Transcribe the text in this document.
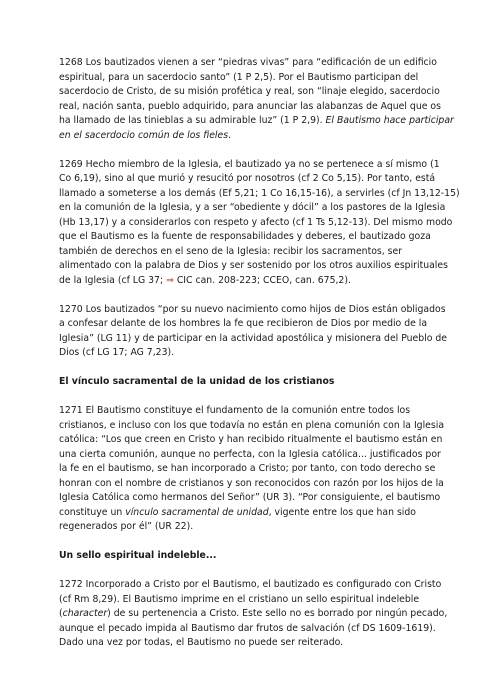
1268 Los bautizados vienen a ser “piedras vivas” para “edificación de un edificio
espiritual, para un sacerdocio santo” (1 P 2,5). Por el Bautismo participan del
sacerdocio de Cristo, de su misión profética y real, son “linaje elegido, sacerdocio
real, nación santa, pueblo adquirido, para anunciar las alabanzas de Aquel que os
ha llamado de las tinieblas a su admirable luz” (1 P 2,9). El Bautismo hace participar
en el sacerdocio común de los fieles.

1269 Hecho miembro de la Iglesia, el bautizado ya no se pertenece a sí mismo (1
Co 6,19), sino al que murió y resucitó por nosotros (cf 2 Co 5,15). Por tanto, está
llamado a someterse a los demás (Ef 5,21; 1 Co 16,15-16), a servirles (cf Jn 13,12-15)
en la comunión de la Iglesia, y a ser “obediente y dócil” a los pastores de la Iglesia
(Hb 13,17) y a considerarlos con respeto y afecto (cf 1 Ts 5,12-13). Del mismo modo
que el Bautismo es la fuente de responsabilidades y deberes, el bautizado goza
también de derechos en el seno de la Iglesia: recibir los sacramentos, ser
alimentado con la palabra de Dios y ser sostenido por los otros auxilios espirituales
de la Iglesia (cf LG 37; ⇒ CIC can. 208-223; CCEO, can. 675,2).

1270 Los bautizados “por su nuevo nacimiento como hijos de Dios están obligados
a confesar delante de los hombres la fe que recibieron de Dios por medio de la
Iglesia” (LG 11) y de participar en la actividad apostólica y misionera del Pueblo de
Dios (cf LG 17; AG 7,23).

El vínculo sacramental de la unidad de los cristianos

1271 El Bautismo constituye el fundamento de la comunión entre todos los
cristianos, e incluso con los que todavía no están en plena comunión con la Iglesia
católica: “Los que creen en Cristo y han recibido ritualmente el bautismo están en
una cierta comunión, aunque no perfecta, con la Iglesia católica... justificados por
la fe en el bautismo, se han incorporado a Cristo; por tanto, con todo derecho se
honran con el nombre de cristianos y son reconocidos con razón por los hijos de la
Iglesia Católica como hermanos del Señor” (UR 3). “Por consiguiente, el bautismo
constituye un vínculo sacramental de unidad, vigente entre los que han sido
regenerados por él” (UR 22).

Un sello espiritual indeleble...

1272 Incorporado a Cristo por el Bautismo, el bautizado es configurado con Cristo
(cf Rm 8,29). El Bautismo imprime en el cristiano un sello espiritual indeleble
(character) de su pertenencia a Cristo. Este sello no es borrado por ningún pecado,
aunque el pecado impida al Bautismo dar frutos de salvación (cf DS 1609-1619).
Dado una vez por todas, el Bautismo no puede ser reiterado.
